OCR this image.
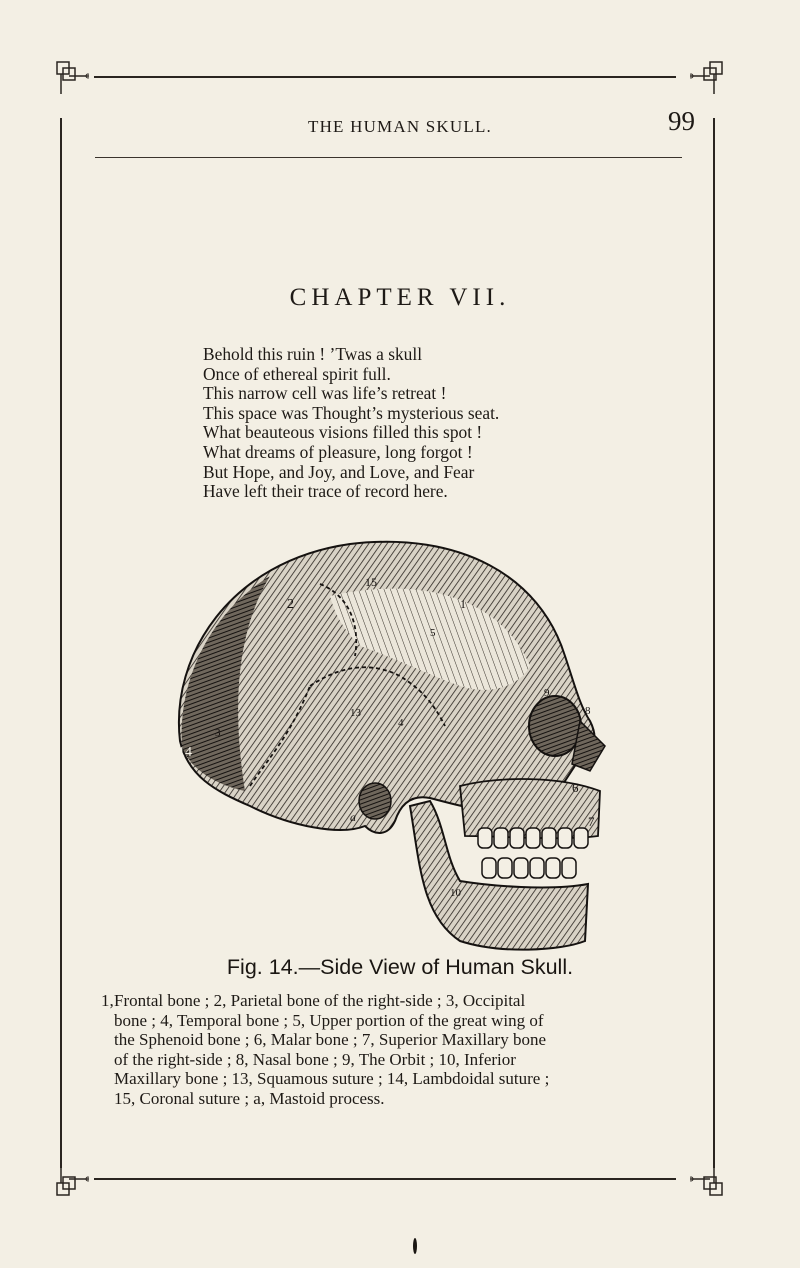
THE HUMAN SKULL.	99
CHAPTER VII.
Behold this ruin ! ’Twas a skull
Once of ethereal spirit full.
This narrow cell was life’s retreat !
This space was Thought’s mysterious seat.
What beauteous visions filled this spot !
What dreams of pleasure, long forgot !
But Hope, and Joy, and Love, and Fear
Have left their trace of record here.
2
15
1
5
8
9
4
13
14
6
3
a	7
10
Fig. 14.—Side View of Human Skull.
1, Frontal bone ; 2, Parietal bone of the right-side ; 3, Occipital
bone ; 4, Temporal bone ; 5, Upper portion of the great wing of
the Sphenoid bone ; 6, Malar bone ; 7, Superior Maxillary bone
of the right-side ; 8, Nasal bone ; 9, The Orbit ; 10, Inferior
Maxillary bone ; 13, Squamous suture ; 14, Lambdoidal suture ;
15, Coronal suture ; a, Mastoid process.
